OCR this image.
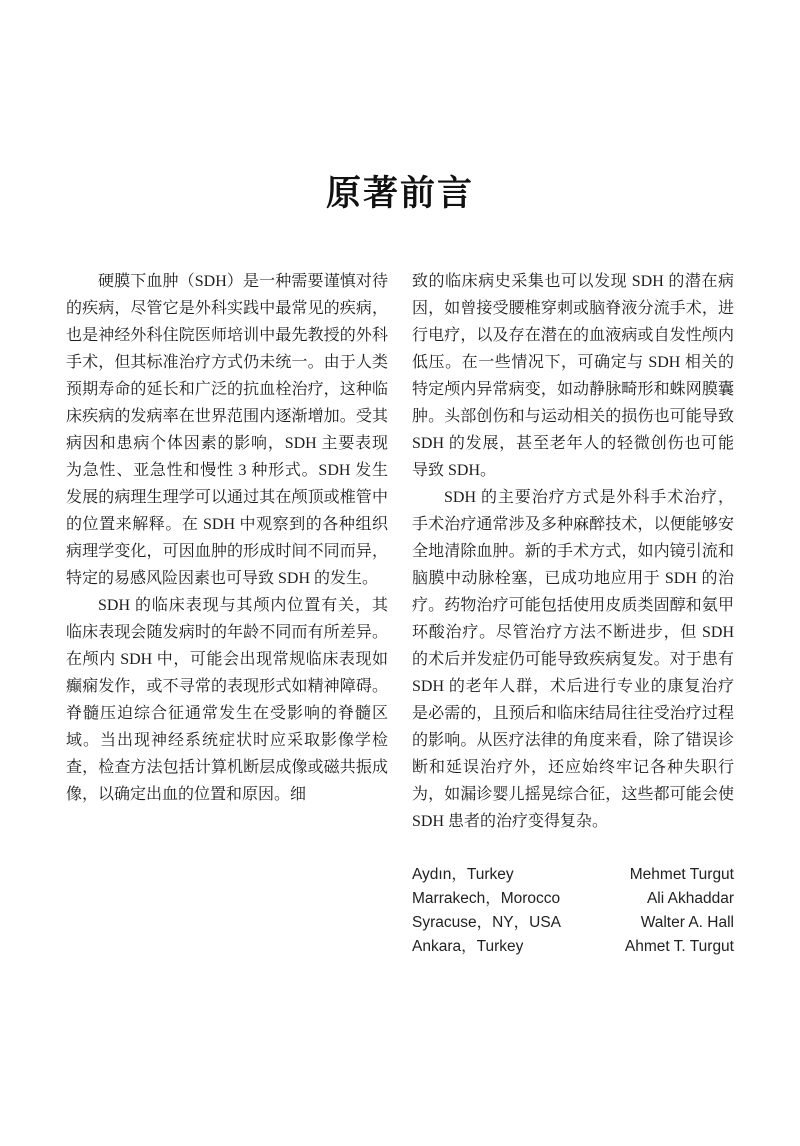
原著前言

硬膜下血肿（SDH）是一种需要谨慎对待的疾病，尽管它是外科实践中最常见的疾病，也是神经外科住院医师培训中最先教授的外科手术，但其标准治疗方式仍未统一。由于人类预期寿命的延长和广泛的抗血栓治疗，这种临床疾病的发病率在世界范围内逐渐增加。受其病因和患病个体因素的影响，SDH 主要表现为急性、亚急性和慢性 3 种形式。SDH 发生发展的病理生理学可以通过其在颅顶或椎管中的位置来解释。在 SDH 中观察到的各种组织病理学变化，可因血肿的形成时间不同而异，特定的易感风险因素也可导致 SDH 的发生。

SDH 的临床表现与其颅内位置有关，其临床表现会随发病时的年龄不同而有所差异。在颅内 SDH 中，可能会出现常规临床表现如癫痫发作，或不寻常的表现形式如精神障碍。脊髓压迫综合征通常发生在受影响的脊髓区域。当出现神经系统症状时应采取影像学检查，检查方法包括计算机断层成像或磁共振成像，以确定出血的位置和原因。细

致的临床病史采集也可以发现 SDH 的潜在病因，如曾接受腰椎穿刺或脑脊液分流手术，进行电疗，以及存在潜在的血液病或自发性颅内低压。在一些情况下，可确定与 SDH 相关的特定颅内异常病变，如动静脉畸形和蛛网膜囊肿。头部创伤和与运动相关的损伤也可能导致 SDH 的发展，甚至老年人的轻微创伤也可能导致 SDH。

SDH 的主要治疗方式是外科手术治疗，手术治疗通常涉及多种麻醉技术，以便能够安全地清除血肿。新的手术方式，如内镜引流和脑膜中动脉栓塞，已成功地应用于 SDH 的治疗。药物治疗可能包括使用皮质类固醇和氨甲环酸治疗。尽管治疗方法不断进步，但 SDH 的术后并发症仍可能导致疾病复发。对于患有 SDH 的老年人群，术后进行专业的康复治疗是必需的，且预后和临床结局往往受治疗过程的影响。从医疗法律的角度来看，除了错误诊断和延误治疗外，还应始终牢记各种失职行为，如漏诊婴儿摇晃综合征，这些都可能会使 SDH 患者的治疗变得复杂。

Aydın，Turkey	Mehmet Turgut
Marrakech，Morocco	Ali Akhaddar
Syracuse，NY，USA	Walter A. Hall
Ankara，Turkey	Ahmet T. Turgut
